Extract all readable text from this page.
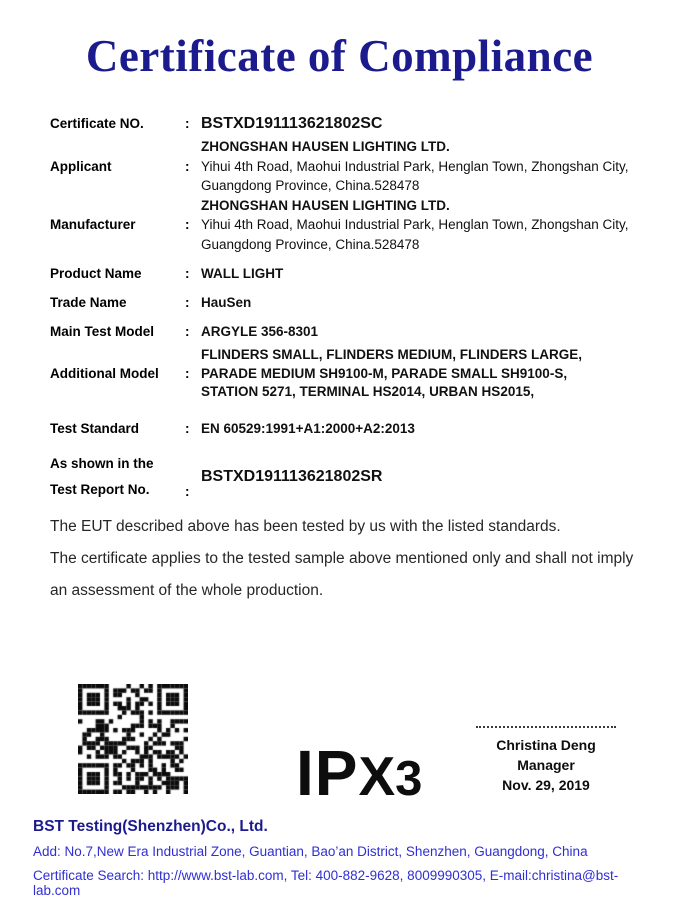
Certificate of Compliance
Certificate NO.	: BSTXD191113621802SC
Applicant	:
ZHONGSHAN HAUSEN LIGHTING LTD.
Yihui 4th Road, Maohui Industrial Park, Henglan Town, Zhongshan City,
Guangdong Province, China.528478
Manufacturer	:
ZHONGSHAN HAUSEN LIGHTING LTD.
Yihui 4th Road, Maohui Industrial Park, Henglan Town, Zhongshan City,
Guangdong Province, China.528478
Product Name	: WALL LIGHT
Trade Name	: HauSen
Main Test Model	: ARGYLE 356-8301
Additional Model	:
FLINDERS SMALL, FLINDERS MEDIUM, FLINDERS LARGE,
PARADE MEDIUM SH9100-M, PARADE SMALL SH9100-S,
STATION 5271, TERMINAL HS2014, URBAN HS2015,
Test Standard	: EN 60529:1991+A1:2000+A2:2013
As shown in the
Test Report No.	:
BSTXD191113621802SR
The EUT described above has been tested by us with the listed standards.
The certificate applies to the tested sample above mentioned only and shall not imply
an assessment of the whole production.
IPX3
Christina Deng
Manager
Nov. 29, 2019
BST Testing(Shenzhen)Co., Ltd.
Add: No.7,New Era Industrial Zone, Guantian, Bao’an District, Shenzhen, Guangdong, China
Certificate Search: http://www.bst-lab.com, Tel: 400-882-9628, 8009990305, E-mail:christina@bst-lab.com
